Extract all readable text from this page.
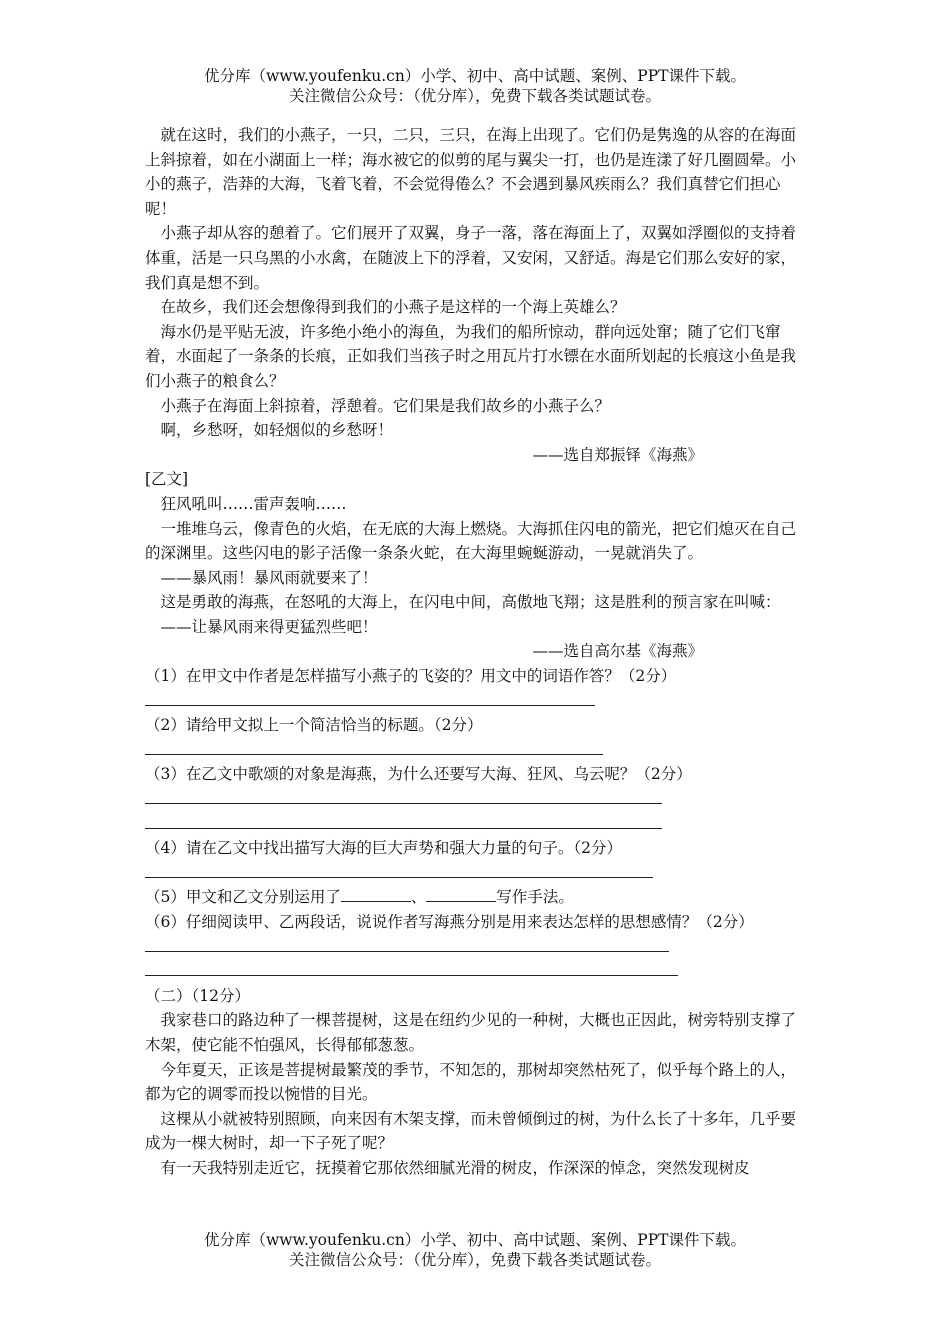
优分库（www.youfenku.cn）小学、初中、高中试题、案例、PPT课件下载。
关注微信公众号：（优分库），免费下载各类试题试卷。

就在这时，我们的小燕子，一只，二只，三只，在海上出现了。它们仍是隽逸的从容的在海面上斜掠着，如在小湖面上一样；海水被它的似剪的尾与翼尖一打，也仍是连漾了好几圈圆晕。小小的燕子，浩莽的大海，飞着飞着，不会觉得倦么？不会遇到暴风疾雨么？我们真替它们担心呢！

小燕子却从容的憩着了。它们展开了双翼，身子一落，落在海面上了，双翼如浮圈似的支持着体重，活是一只乌黑的小水禽，在随波上下的浮着，又安闲，又舒适。海是它们那么安好的家，我们真是想不到。

在故乡，我们还会想像得到我们的小燕子是这样的一个海上英雄么？

海水仍是平贴无波，许多绝小绝小的海鱼，为我们的船所惊动，群向远处窜；随了它们飞窜着，水面起了一条条的长痕，正如我们当孩子时之用瓦片打水镖在水面所划起的长痕这小鱼是我们小燕子的粮食么？

小燕子在海面上斜掠着，浮憩着。它们果是我们故乡的小燕子么？

啊，乡愁呀，如轻烟似的乡愁呀！

——选自郑振铎《海燕》

[乙文]

狂风吼叫……雷声轰响……

一堆堆乌云，像青色的火焰，在无底的大海上燃烧。大海抓住闪电的箭光，把它们熄灭在自己的深渊里。这些闪电的影子活像一条条火蛇，在大海里蜿蜒游动，一晃就消失了。

——暴风雨！暴风雨就要来了！

这是勇敢的海燕，在怒吼的大海上，在闪电中间，高傲地飞翔；这是胜利的预言家在叫喊：

——让暴风雨来得更猛烈些吧！

——选自高尔基《海燕》

（1）在甲文中作者是怎样描写小燕子的飞姿的？用文中的词语作答？（2分）

（2）请给甲文拟上一个简洁恰当的标题。（2分）

（3）在乙文中歌颂的对象是海燕，为什么还要写大海、狂风、乌云呢？（2分）

（4）请在乙文中找出描写大海的巨大声势和强大力量的句子。（2分）

（5）甲文和乙文分别运用了	、	写作手法。

（6）仔细阅读甲、乙两段话，说说作者写海燕分别是用来表达怎样的思想感情？（2分）

（二）（12分）

我家巷口的路边种了一棵菩提树，这是在纽约少见的一种树，大概也正因此，树旁特别支撑了木架，使它能不怕强风，长得郁郁葱葱。

今年夏天，正该是菩提树最繁茂的季节，不知怎的，那树却突然枯死了，似乎每个路上的人，都为它的调零而投以惋惜的目光。

这棵从小就被特别照顾，向来因有木架支撑，而未曾倾倒过的树，为什么长了十多年，几乎要成为一棵大树时，却一下子死了呢？

有一天我特别走近它，抚摸着它那依然细腻光滑的树皮，作深深的悼念，突然发现树皮

优分库（www.youfenku.cn）小学、初中、高中试题、案例、PPT课件下载。
关注微信公众号：（优分库），免费下载各类试题试卷。
